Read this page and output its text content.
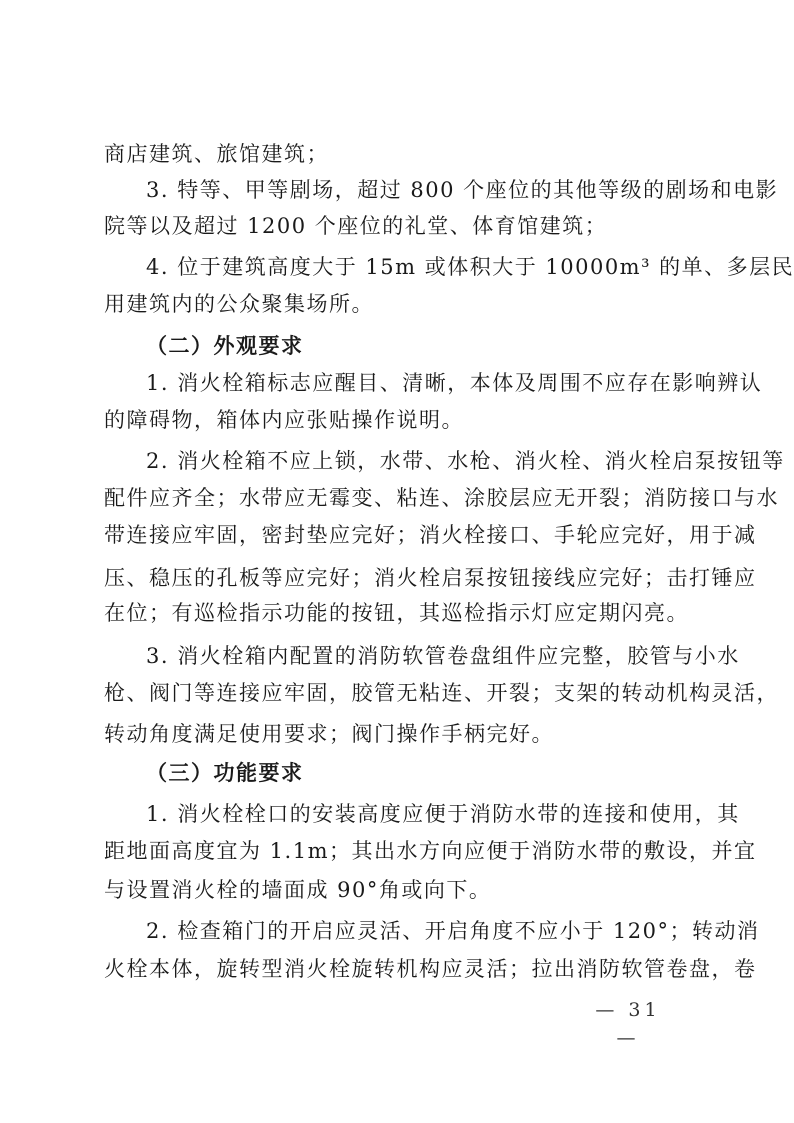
商店建筑、旅馆建筑；
3. 特等、甲等剧场，超过 800 个座位的其他等级的剧场和电影
院等以及超过 1200 个座位的礼堂、体育馆建筑；
4. 位于建筑高度大于 15m 或体积大于 10000m³ 的单、多层民
用建筑内的公众聚集场所。
（二）外观要求
1. 消火栓箱标志应醒目、清晰，本体及周围不应存在影响辨认
的障碍物，箱体内应张贴操作说明。
2. 消火栓箱不应上锁，水带、水枪、消火栓、消火栓启泵按钮等
配件应齐全；水带应无霉变、粘连、涂胶层应无开裂；消防接口与水
带连接应牢固，密封垫应完好；消火栓接口、手轮应完好，用于减
压、稳压的孔板等应完好；消火栓启泵按钮接线应完好；击打锤应
在位；有巡检指示功能的按钮，其巡检指示灯应定期闪亮。
3. 消火栓箱内配置的消防软管卷盘组件应完整，胶管与小水
枪、阀门等连接应牢固，胶管无粘连、开裂；支架的转动机构灵活，
转动角度满足使用要求；阀门操作手柄完好。
（三）功能要求
1. 消火栓栓口的安装高度应便于消防水带的连接和使用，其
距地面高度宜为 1.1m；其出水方向应便于消防水带的敷设，并宜
与设置消火栓的墙面成 90°角或向下。
2. 检查箱门的开启应灵活、开启角度不应小于 120°；转动消
火栓本体，旋转型消火栓旋转机构应灵活；拉出消防软管卷盘，卷
— 31 —
